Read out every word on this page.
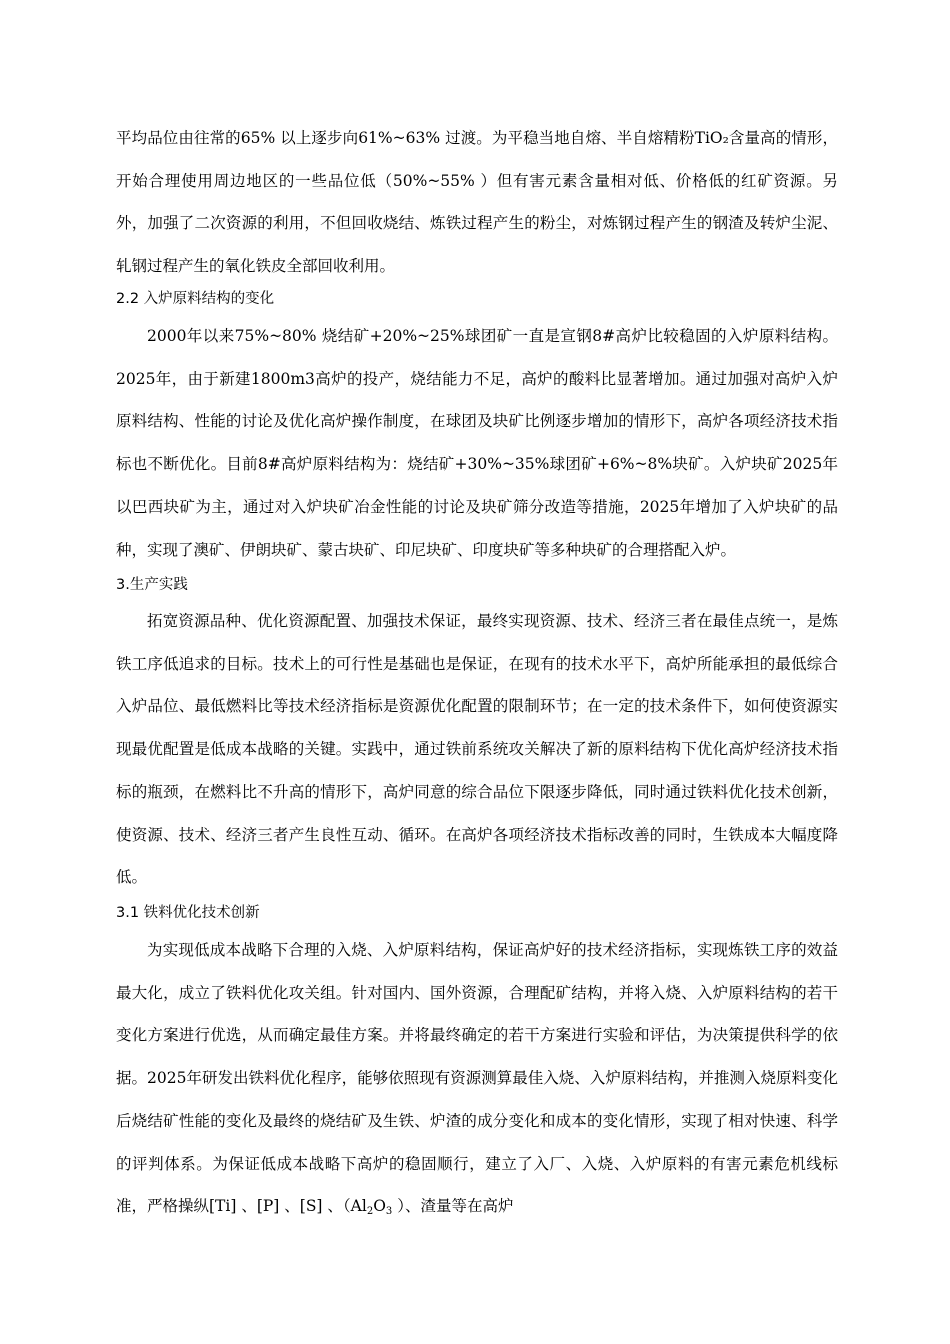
平均品位由往常的65% 以上逐步向61%~63% 过渡。为平稳当地自熔、半自熔精粉TiO₂含量高的情形，开始合理使用周边地区的一些品位低（50%~55% ）但有害元素含量相对低、价格低的红矿资源。另外，加强了二次资源的利用，不但回收烧结、炼铁过程产生的粉尘，对炼钢过程产生的钢渣及转炉尘泥、轧钢过程产生的氧化铁皮全部回收利用。

2.2 入炉原料结构的变化

2000年以来75%~80% 烧结矿+20%~25%球团矿一直是宣钢8#高炉比较稳固的入炉原料结构。2025年，由于新建1800m3高炉的投产，烧结能力不足，高炉的酸料比显著增加。通过加强对高炉入炉原料结构、性能的讨论及优化高炉操作制度，在球团及块矿比例逐步增加的情形下，高炉各项经济技术指标也不断优化。目前8#高炉原料结构为：烧结矿+30%~35%球团矿+6%~8%块矿。入炉块矿2025年以巴西块矿为主，通过对入炉块矿冶金性能的讨论及块矿筛分改造等措施，2025年增加了入炉块矿的品种，实现了澳矿、伊朗块矿、蒙古块矿、印尼块矿、印度块矿等多种块矿的合理搭配入炉。

3.生产实践

拓宽资源品种、优化资源配置、加强技术保证，最终实现资源、技术、经济三者在最佳点统一，是炼铁工序低追求的目标。技术上的可行性是基础也是保证，在现有的技术水平下，高炉所能承担的最低综合入炉品位、最低燃料比等技术经济指标是资源优化配置的限制环节；在一定的技术条件下，如何使资源实现最优配置是低成本战略的关键。实践中，通过铁前系统攻关解决了新的原料结构下优化高炉经济技术指标的瓶颈，在燃料比不升高的情形下，高炉同意的综合品位下限逐步降低，同时通过铁料优化技术创新，使资源、技术、经济三者产生良性互动、循环。在高炉各项经济技术指标改善的同时，生铁成本大幅度降低。

3.1 铁料优化技术创新

为实现低成本战略下合理的入烧、入炉原料结构，保证高炉好的技术经济指标，实现炼铁工序的效益最大化，成立了铁料优化攻关组。针对国内、国外资源，合理配矿结构，并将入烧、入炉原料结构的若干变化方案进行优选，从而确定最佳方案。并将最终确定的若干方案进行实验和评估，为决策提供科学的依据。2025年研发出铁料优化程序，能够依照现有资源测算最佳入烧、入炉原料结构，并推测入烧原料变化后烧结矿性能的变化及最终的烧结矿及生铁、炉渣的成分变化和成本的变化情形，实现了相对快速、科学的评判体系。为保证低成本战略下高炉的稳固顺行，建立了入厂、入烧、入炉原料的有害元素危机线标准，严格操纵[Ti] 、[P] 、[S] 、（$Al_2O_3$ ）、渣量等在高炉
